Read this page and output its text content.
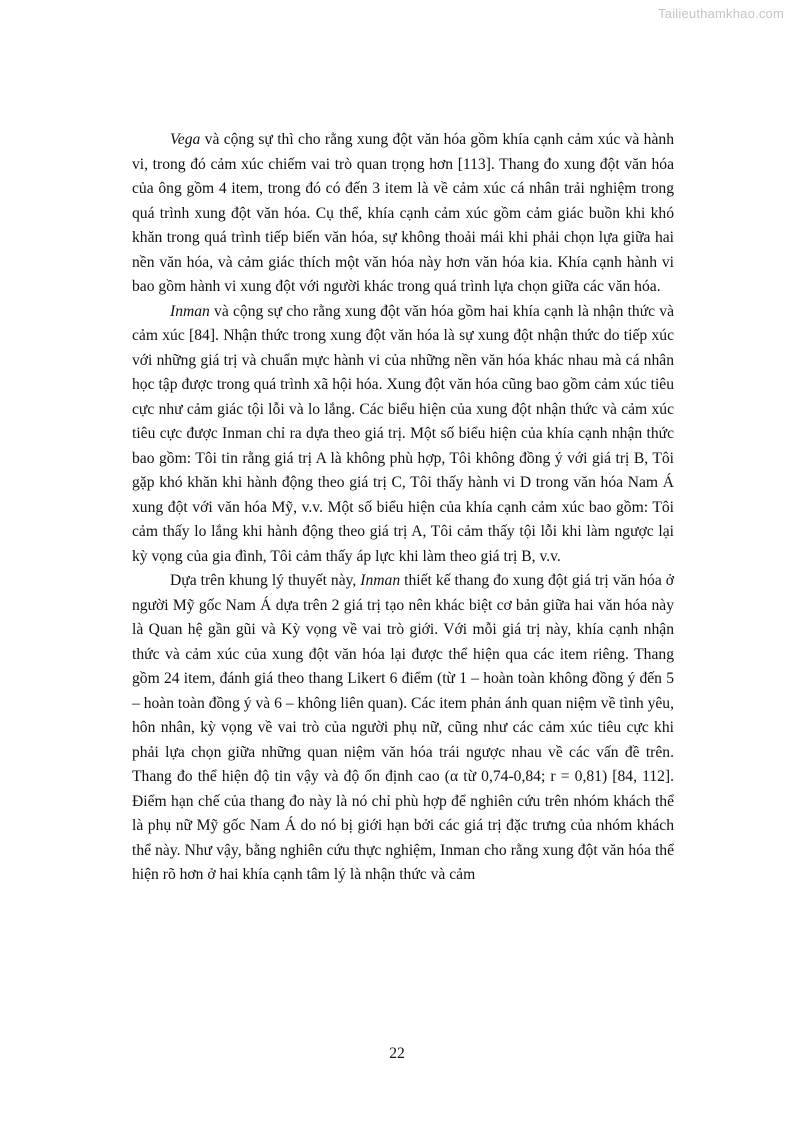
Tailieuthamkhao.com

Vega và cộng sự thì cho rằng xung đột văn hóa gồm khía cạnh cảm xúc và hành vi, trong đó cảm xúc chiếm vai trò quan trọng hơn [113]. Thang đo xung đột văn hóa của ông gồm 4 item, trong đó có đến 3 item là về cảm xúc cá nhân trải nghiệm trong quá trình xung đột văn hóa. Cụ thể, khía cạnh cảm xúc gồm cảm giác buồn khi khó khăn trong quá trình tiếp biến văn hóa, sự không thoải mái khi phải chọn lựa giữa hai nền văn hóa, và cảm giác thích một văn hóa này hơn văn hóa kia. Khía cạnh hành vi bao gồm hành vi xung đột với người khác trong quá trình lựa chọn giữa các văn hóa.

Inman và cộng sự cho rằng xung đột văn hóa gồm hai khía cạnh là nhận thức và cảm xúc [84]. Nhận thức trong xung đột văn hóa là sự xung đột nhận thức do tiếp xúc với những giá trị và chuẩn mực hành vi của những nền văn hóa khác nhau mà cá nhân học tập được trong quá trình xã hội hóa. Xung đột văn hóa cũng bao gồm cảm xúc tiêu cực như cảm giác tội lỗi và lo lắng. Các biểu hiện của xung đột nhận thức và cảm xúc tiêu cực được Inman chỉ ra dựa theo giá trị. Một số biểu hiện của khía cạnh nhận thức bao gồm: Tôi tin rằng giá trị A là không phù hợp, Tôi không đồng ý với giá trị B, Tôi gặp khó khăn khi hành động theo giá trị C, Tôi thấy hành vi D trong văn hóa Nam Á xung đột với văn hóa Mỹ, v.v. Một số biểu hiện của khía cạnh cảm xúc bao gồm: Tôi cảm thấy lo lắng khi hành động theo giá trị A, Tôi cảm thấy tội lỗi khi làm ngược lại kỳ vọng của gia đình, Tôi cảm thấy áp lực khi làm theo giá trị B, v.v.

Dựa trên khung lý thuyết này, Inman thiết kế thang đo xung đột giá trị văn hóa ở người Mỹ gốc Nam Á dựa trên 2 giá trị tạo nên khác biệt cơ bản giữa hai văn hóa này là Quan hệ gần gũi và Kỳ vọng về vai trò giới. Với mỗi giá trị này, khía cạnh nhận thức và cảm xúc của xung đột văn hóa lại được thể hiện qua các item riêng. Thang gồm 24 item, đánh giá theo thang Likert 6 điểm (từ 1 – hoàn toàn không đồng ý đến 5 – hoàn toàn đồng ý và 6 – không liên quan). Các item phản ánh quan niệm về tình yêu, hôn nhân, kỳ vọng về vai trò của người phụ nữ, cũng như các cảm xúc tiêu cực khi phải lựa chọn giữa những quan niệm văn hóa trái ngược nhau về các vấn đề trên. Thang đo thể hiện độ tin vậy và độ ổn định cao (α từ 0,74-0,84; r = 0,81) [84, 112]. Điểm hạn chế của thang đo này là nó chỉ phù hợp để nghiên cứu trên nhóm khách thể là phụ nữ Mỹ gốc Nam Á do nó bị giới hạn bởi các giá trị đặc trưng của nhóm khách thể này. Như vậy, bằng nghiên cứu thực nghiệm, Inman cho rằng xung đột văn hóa thể hiện rõ hơn ở hai khía cạnh tâm lý là nhận thức và cảm

22
